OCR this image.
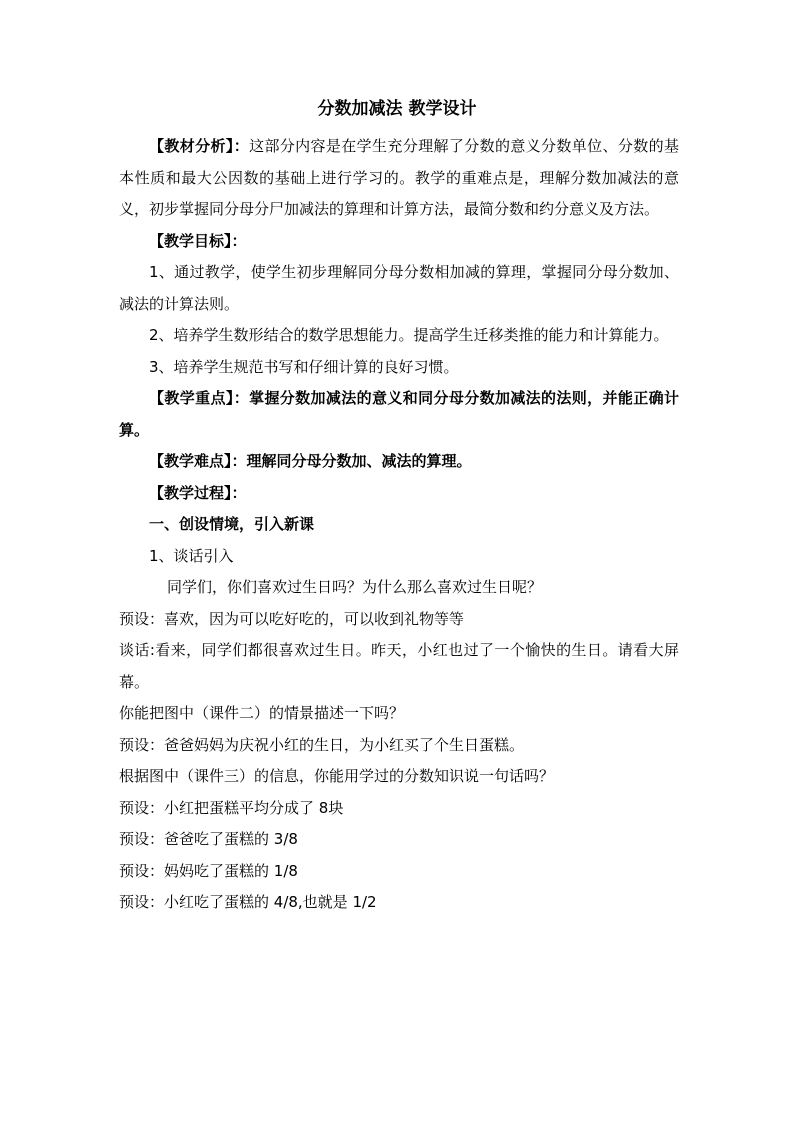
分数加减法 教学设计

【教材分析】：这部分内容是在学生充分理解了分数的意义分数单位、分数的基本性质和最大公因数的基础上进行学习的。教学的重难点是，理解分数加减法的意义，初步掌握同分母分尸加减法的算理和计算方法，最简分数和约分意义及方法。

【教学目标】：

1、通过教学，使学生初步理解同分母分数相加减的算理，掌握同分母分数加、减法的计算法则。

2、培养学生数形结合的数学思想能力。提高学生迁移类推的能力和计算能力。

3、培养学生规范书写和仔细计算的良好习惯。

【教学重点】：掌握分数加减法的意义和同分母分数加减法的法则，并能正确计算。

【教学难点】：理解同分母分数加、减法的算理。

【教学过程】：

一、创设情境，引入新课

1、谈话引入

同学们，你们喜欢过生日吗？为什么那么喜欢过生日呢？

预设：喜欢，因为可以吃好吃的，可以收到礼物等等

谈话:看来，同学们都很喜欢过生日。昨天，小红也过了一个愉快的生日。请看大屏幕。

你能把图中（课件二）的情景描述一下吗？

预设：爸爸妈妈为庆祝小红的生日，为小红买了个生日蛋糕。

根据图中（课件三）的信息，你能用学过的分数知识说一句话吗？

预设：小红把蛋糕平均分成了 8块

预设：爸爸吃了蛋糕的 3/8

预设：妈妈吃了蛋糕的 1/8

预设：小红吃了蛋糕的 4/8,也就是 1/2
